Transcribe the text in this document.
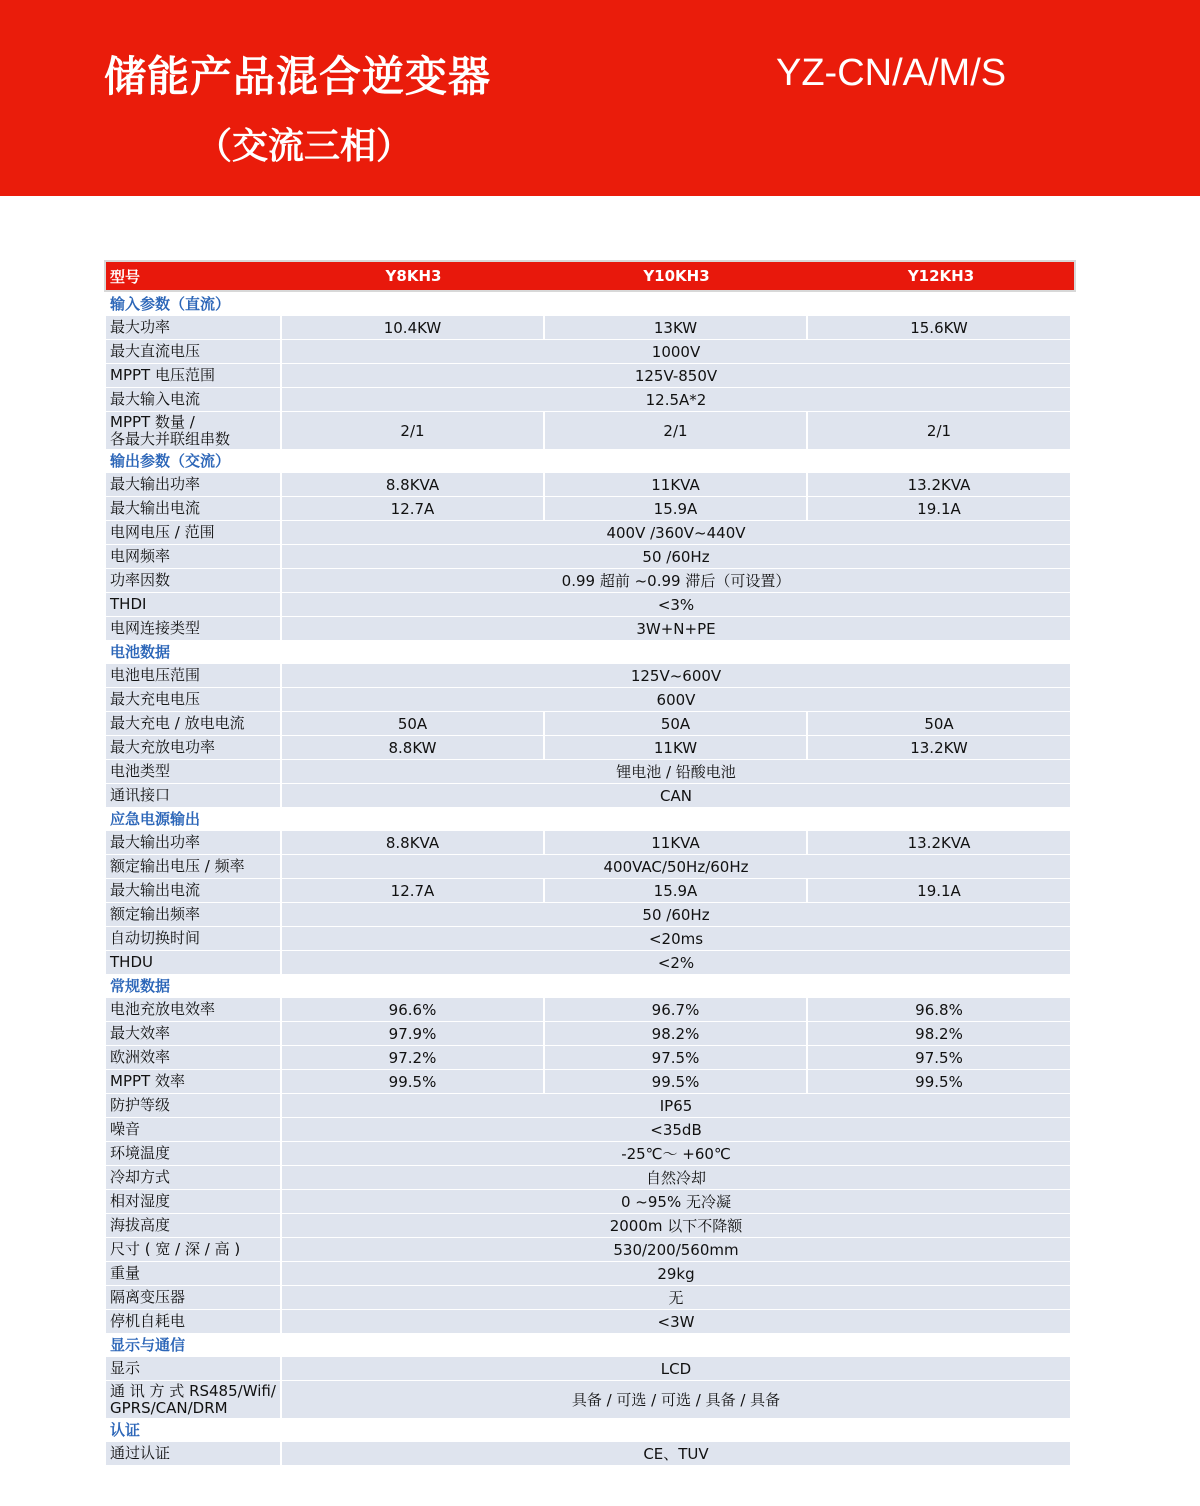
储能产品混合逆变器
（交流三相）
YZ-CN/A/M/S
型号	Y8KH3	Y10KH3	Y12KH3
输入参数（直流）
最大功率	10.4KW	13KW	15.6KW
最大直流电压	1000V
MPPT 电压范围	125V-850V
最大输入电流	12.5A*2
MPPT 数量 /
各最大并联组串数	2/1	2/1	2/1
输出参数（交流）
最大输出功率	8.8KVA	11KVA	13.2KVA
最大输出电流	12.7A	15.9A	19.1A
电网电压 / 范围	400V /360V~440V
电网频率	50 /60Hz
功率因数	0.99 超前 ~0.99 滞后（可设置）
THDI	<3%
电网连接类型	3W+N+PE
电池数据
电池电压范围	125V~600V
最大充电电压	600V
最大充电 / 放电电流	50A	50A	50A
最大充放电功率	8.8KW	11KW	13.2KW
电池类型	锂电池 / 铅酸电池
通讯接口	CAN
应急电源输出
最大输出功率	8.8KVA	11KVA	13.2KVA
额定输出电压 / 频率	400VAC/50Hz/60Hz
最大输出电流	12.7A	15.9A	19.1A
额定输出频率	50 /60Hz
自动切换时间	<20ms
THDU	<2%
常规数据
电池充放电效率	96.6%	96.7%	96.8%
最大效率	97.9%	98.2%	98.2%
欧洲效率	97.2%	97.5%	97.5%
MPPT 效率	99.5%	99.5%	99.5%
防护等级	IP65
噪音	<35dB
环境温度	-25℃～ +60℃
冷却方式	自然冷却
相对湿度	0 ~95% 无冷凝
海拔高度	2000m 以下不降额
尺寸 ( 宽 / 深 / 高 )	530/200/560mm
重量	29kg
隔离变压器	无
停机自耗电	<3W
显示与通信
显示	LCD
通 讯 方 式 RS485/Wifi/
GPRS/CAN/DRM	具备 / 可选 / 可选 / 具备 / 具备
认证
通过认证	CE、TUV
